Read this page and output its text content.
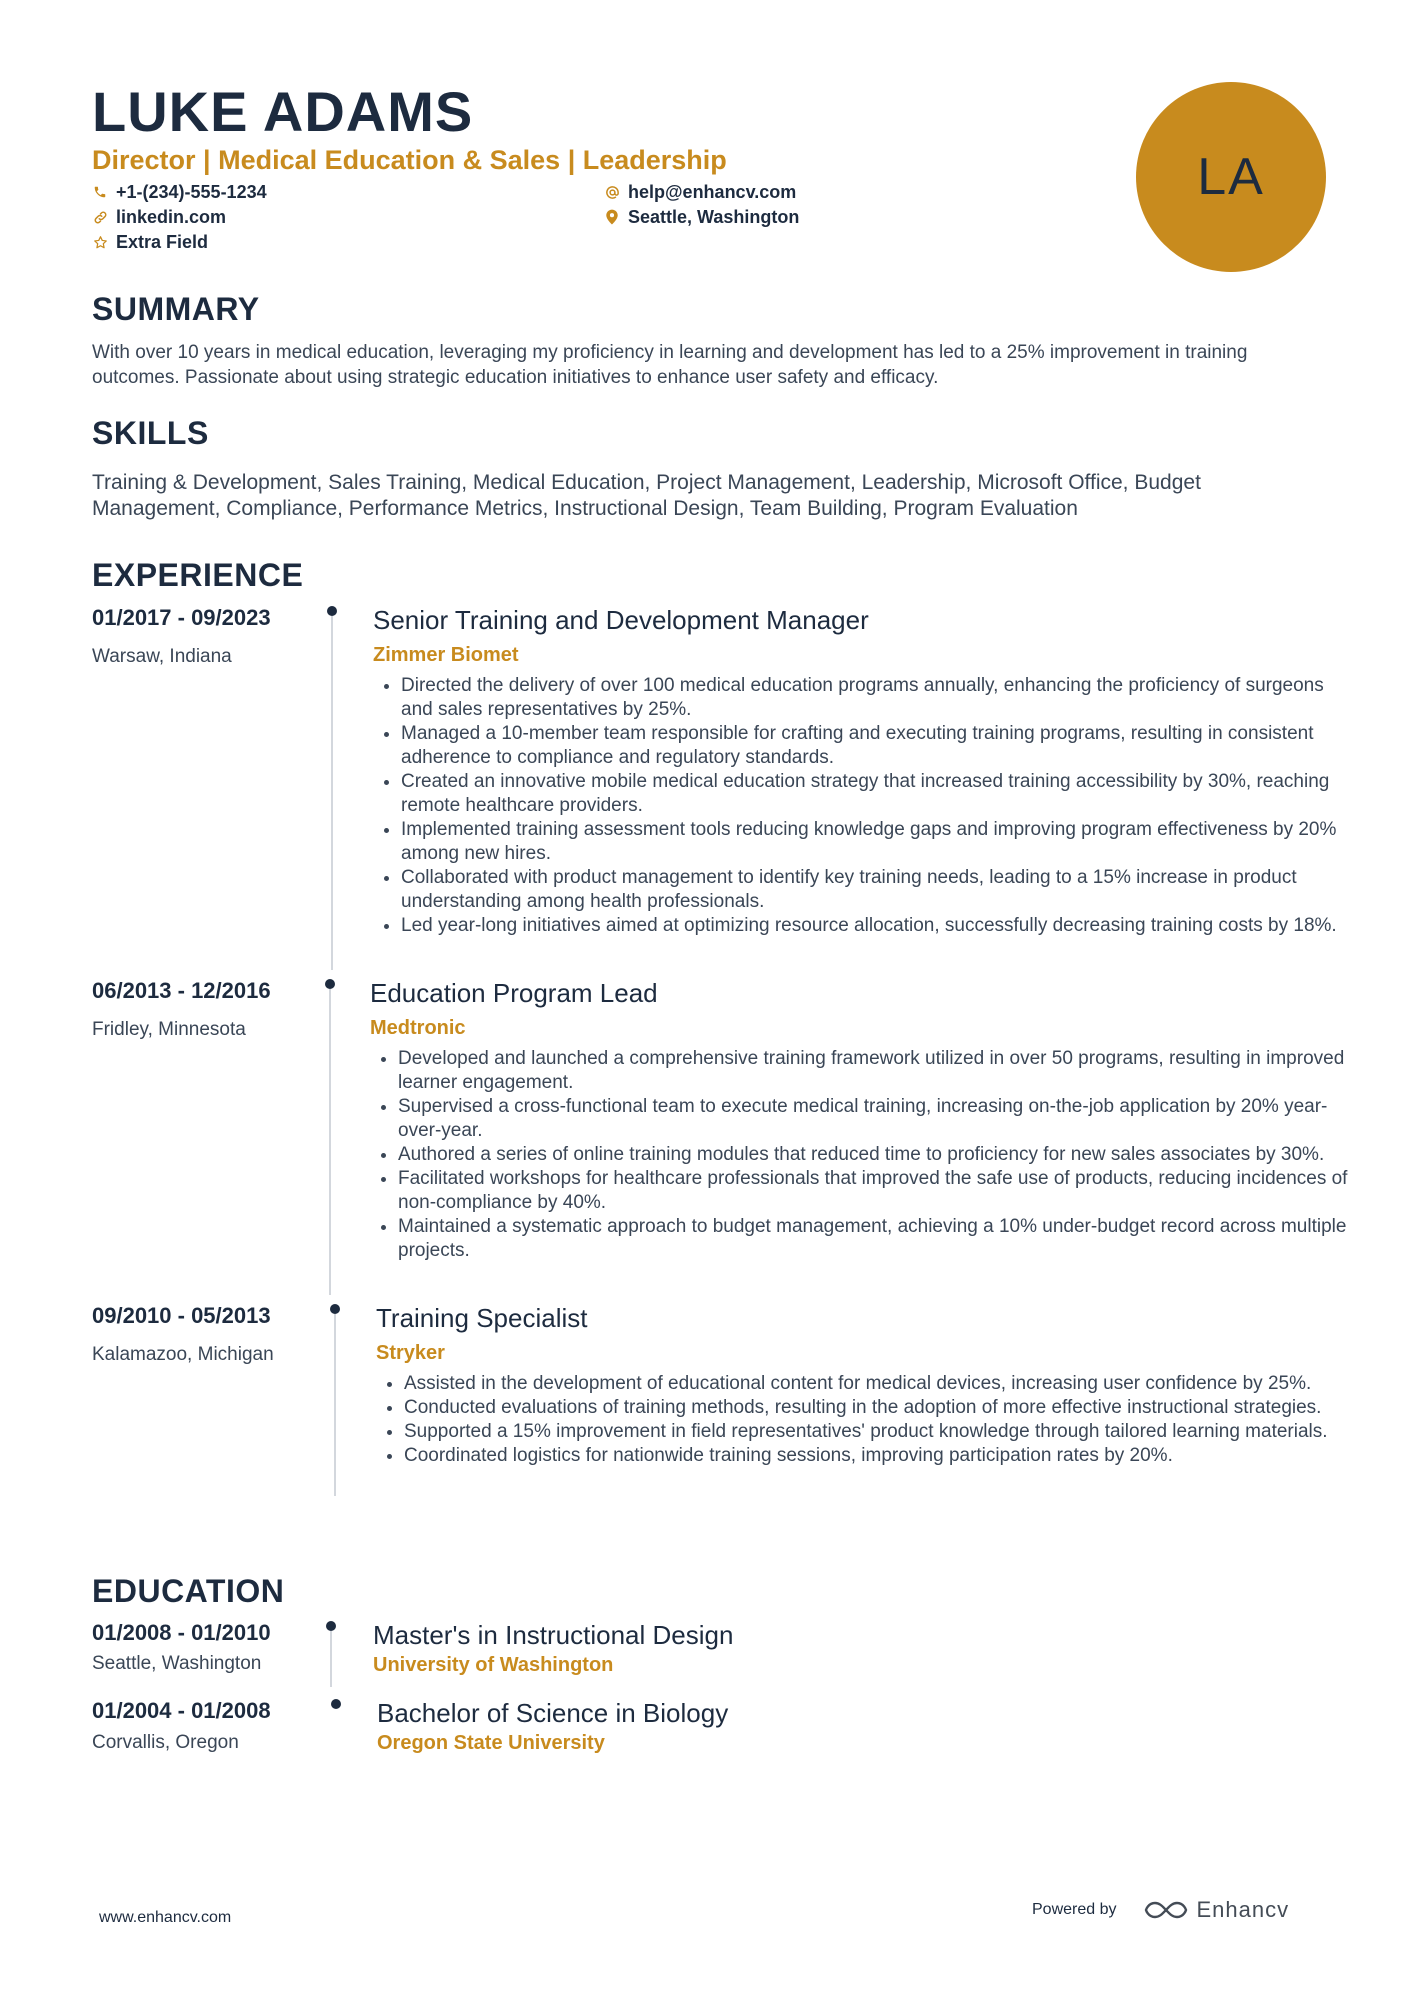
LUKE ADAMS
Director | Medical Education & Sales | Leadership
+1-(234)-555-1234
linkedin.com
Extra Field
help@enhancv.com
Seattle, Washington
LA
SUMMARY
With over 10 years in medical education, leveraging my proficiency in learning and development has led to a 25% improvement in training outcomes. Passionate about using strategic education initiatives to enhance user safety and efficacy.
SKILLS
Training & Development, Sales Training, Medical Education, Project Management, Leadership, Microsoft Office, Budget Management, Compliance, Performance Metrics, Instructional Design, Team Building, Program Evaluation
EXPERIENCE
01/2017 - 09/2023
Warsaw, Indiana
Senior Training and Development Manager
Zimmer Biomet
• Directed the delivery of over 100 medical education programs annually, enhancing the proficiency of surgeons and sales representatives by 25%.
• Managed a 10-member team responsible for crafting and executing training programs, resulting in consistent adherence to compliance and regulatory standards.
• Created an innovative mobile medical education strategy that increased training accessibility by 30%, reaching remote healthcare providers.
• Implemented training assessment tools reducing knowledge gaps and improving program effectiveness by 20% among new hires.
• Collaborated with product management to identify key training needs, leading to a 15% increase in product understanding among health professionals.
• Led year-long initiatives aimed at optimizing resource allocation, successfully decreasing training costs by 18%.
06/2013 - 12/2016
Fridley, Minnesota
Education Program Lead
Medtronic
• Developed and launched a comprehensive training framework utilized in over 50 programs, resulting in improved learner engagement.
• Supervised a cross-functional team to execute medical training, increasing on-the-job application by 20% year-over-year.
• Authored a series of online training modules that reduced time to proficiency for new sales associates by 30%.
• Facilitated workshops for healthcare professionals that improved the safe use of products, reducing incidences of non-compliance by 40%.
• Maintained a systematic approach to budget management, achieving a 10% under-budget record across multiple projects.
09/2010 - 05/2013
Kalamazoo, Michigan
Training Specialist
Stryker
• Assisted in the development of educational content for medical devices, increasing user confidence by 25%.
• Conducted evaluations of training methods, resulting in the adoption of more effective instructional strategies.
• Supported a 15% improvement in field representatives' product knowledge through tailored learning materials.
• Coordinated logistics for nationwide training sessions, improving participation rates by 20%.
EDUCATION
01/2008 - 01/2010
Seattle, Washington
Master's in Instructional Design
University of Washington
01/2004 - 01/2008
Corvallis, Oregon
Bachelor of Science in Biology
Oregon State University
www.enhancv.com	Powered by	Enhancv
